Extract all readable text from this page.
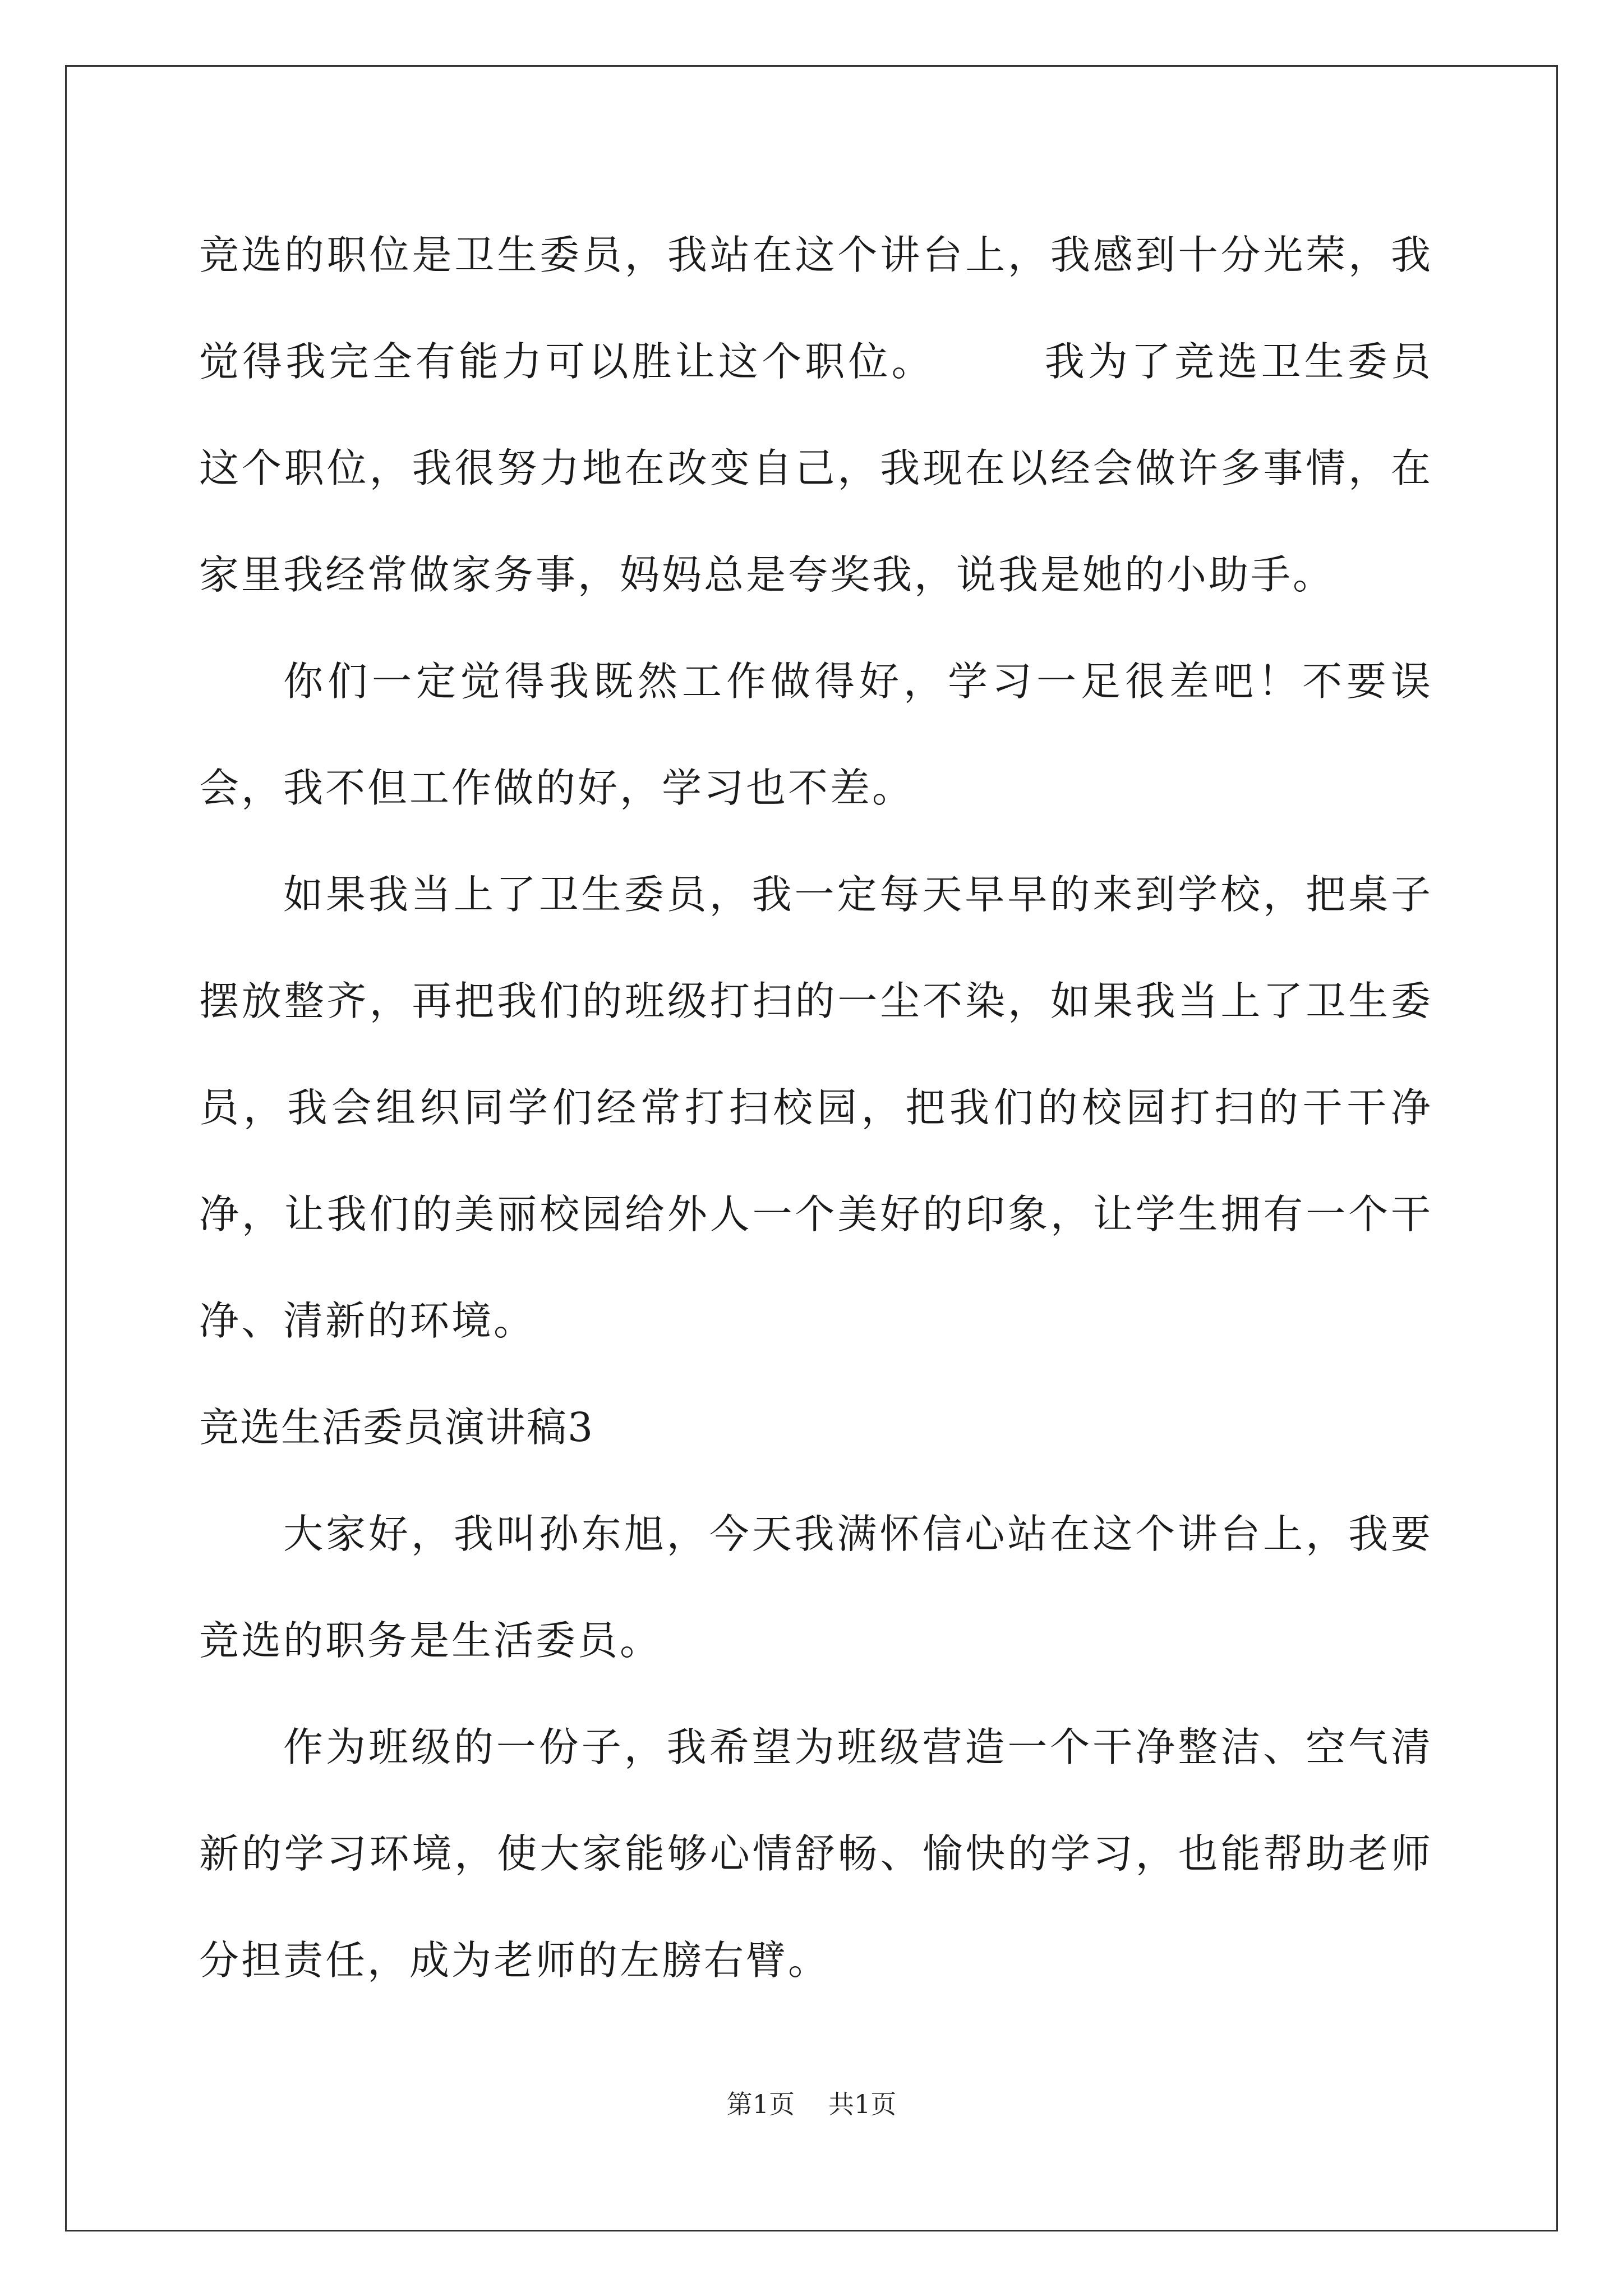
竞选的职位是卫生委员，我站在这个讲台上，我感到十分光荣，我觉得我完全有能力可以胜让这个职位。　　　我为了竞选卫生委员这个职位，我很努力地在改变自己，我现在以经会做许多事情，在家里我经常做家务事，妈妈总是夸奖我，说我是她的小助手。

你们一定觉得我既然工作做得好，学习一足很差吧！不要误会，我不但工作做的好，学习也不差。

如果我当上了卫生委员，我一定每天早早的来到学校，把桌子摆放整齐，再把我们的班级打扫的一尘不染，如果我当上了卫生委员，我会组织同学们经常打扫校园，把我们的校园打扫的干干净净，让我们的美丽校园给外人一个美好的印象，让学生拥有一个干净、清新的环境。

竞选生活委员演讲稿3

大家好，我叫孙东旭，今天我满怀信心站在这个讲台上，我要竞选的职务是生活委员。

作为班级的一份子，我希望为班级营造一个干净整洁、空气清新的学习环境，使大家能够心情舒畅、愉快的学习，也能帮助老师分担责任，成为老师的左膀右臂。

第1页 共1页
